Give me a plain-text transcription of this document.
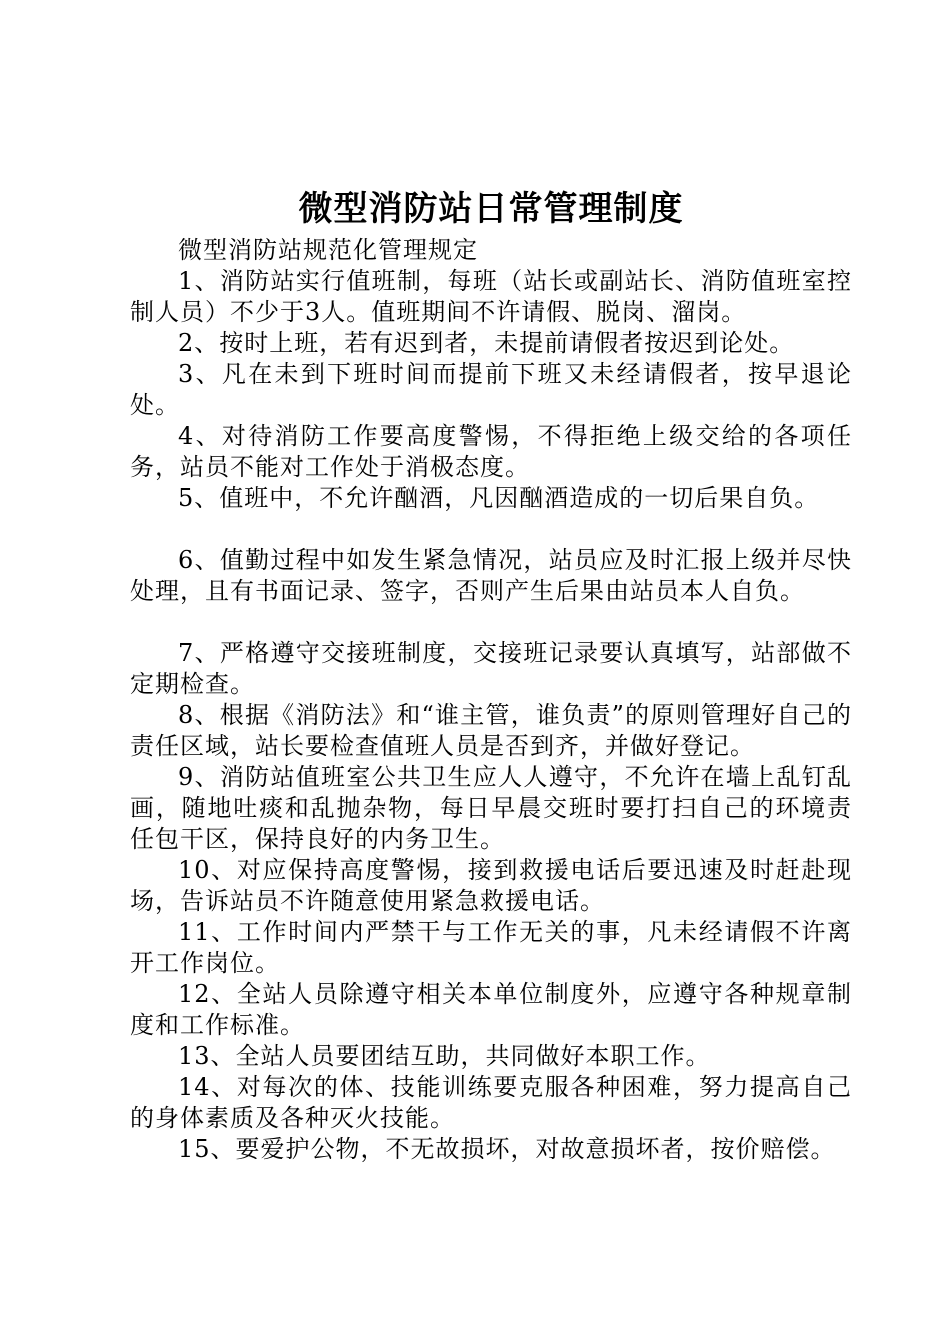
微型消防站日常管理制度

微型消防站规范化管理规定

1、消防站实行值班制，每班（站长或副站长、消防值班室控制人员）不少于3人。值班期间不许请假、脱岗、溜岗。

2、按时上班，若有迟到者，未提前请假者按迟到论处。

3、凡在未到下班时间而提前下班又未经请假者，按早退论处。

4、对待消防工作要高度警惕，不得拒绝上级交给的各项任务，站员不能对工作处于消极态度。

5、值班中，不允许酗酒，凡因酗酒造成的一切后果自负。

6、值勤过程中如发生紧急情况，站员应及时汇报上级并尽快处理，且有书面记录、签字，否则产生后果由站员本人自负。

7、严格遵守交接班制度，交接班记录要认真填写，站部做不定期检查。

8、根据《消防法》和“谁主管，谁负责”的原则管理好自己的责任区域，站长要检查值班人员是否到齐，并做好登记。

9、消防站值班室公共卫生应人人遵守，不允许在墙上乱钉乱画，随地吐痰和乱抛杂物，每日早晨交班时要打扫自己的环境责任包干区，保持良好的内务卫生。

10、对应保持高度警惕，接到救援电话后要迅速及时赶赴现场，告诉站员不许随意使用紧急救援电话。

11、工作时间内严禁干与工作无关的事，凡未经请假不许离开工作岗位。

12、全站人员除遵守相关本单位制度外，应遵守各种规章制度和工作标准。

13、全站人员要团结互助，共同做好本职工作。

14、对每次的体、技能训练要克服各种困难，努力提高自己的身体素质及各种灭火技能。

15、要爱护公物，不无故损坏，对故意损坏者，按价赔偿。
